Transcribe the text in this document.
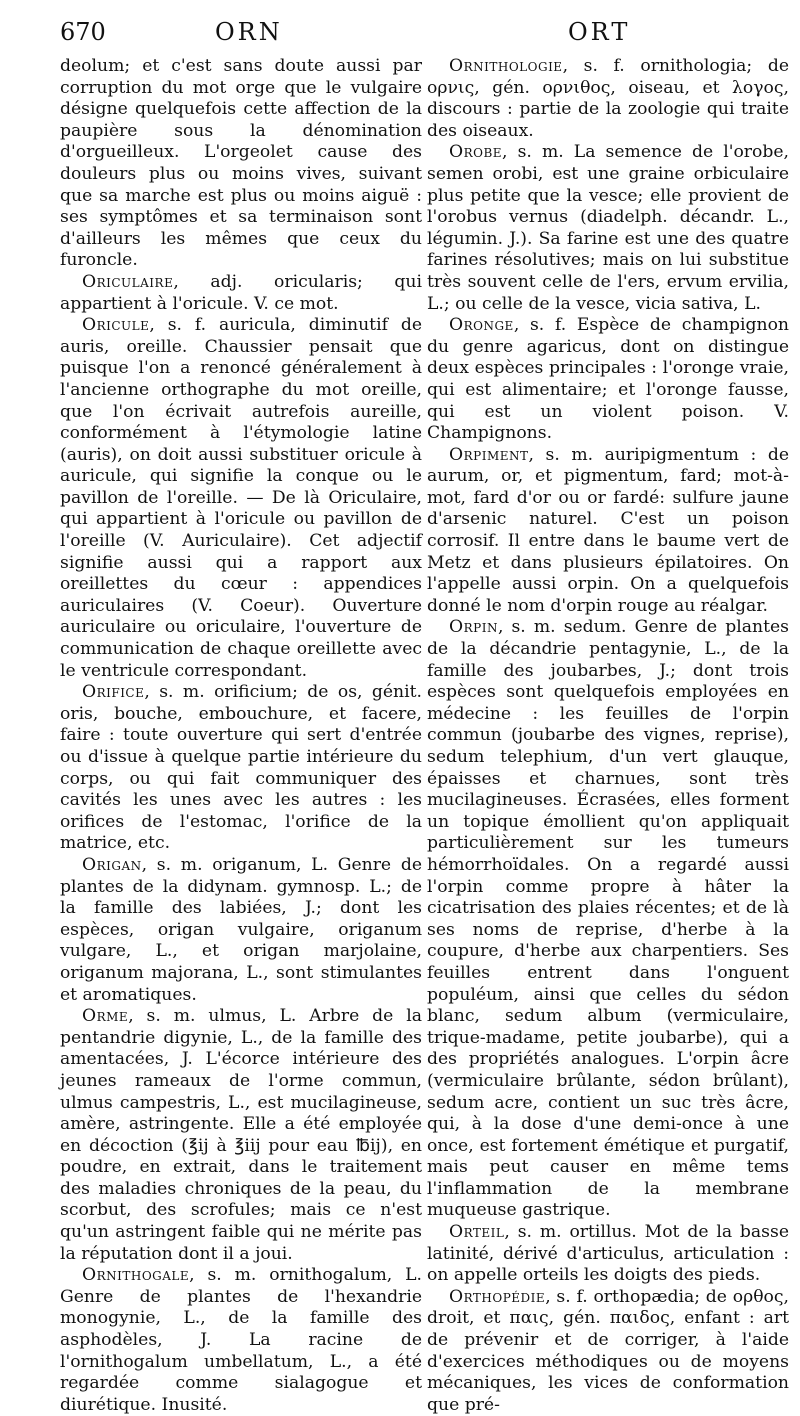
670	ORN	ORT

deolum; et c'est sans doute aussi par corruption du mot orge que le vulgaire désigne quelquefois cette affection de la paupière sous la dénomination d'orgueilleux. L'orgeolet cause des douleurs plus ou moins vives, suivant que sa marche est plus ou moins aiguë : ses symptômes et sa terminaison sont d'ailleurs les mêmes que ceux du furoncle.

Oriculaire, adj. oricularis; qui appartient à l'oricule. V. ce mot.

Oricule, s. f. auricula, diminutif de auris, oreille. Chaussier pensait que puisque l'on a renoncé généralement à l'ancienne orthographe du mot oreille, que l'on écrivait autrefois aureille, conformément à l'étymologie latine (auris), on doit aussi substituer oricule à auricule, qui signifie la conque ou le pavillon de l'oreille. — De là Oriculaire, qui appartient à l'oricule ou pavillon de l'oreille (V. Auriculaire). Cet adjectif signifie aussi qui a rapport aux oreillettes du cœur : appendices auriculaires (V. Coeur). Ouverture auriculaire ou oriculaire, l'ouverture de communication de chaque oreillette avec le ventricule correspondant.

Orifice, s. m. orificium; de os, génit. oris, bouche, embouchure, et facere, faire : toute ouverture qui sert d'entrée ou d'issue à quelque partie intérieure du corps, ou qui fait communiquer des cavités les unes avec les autres : les orifices de l'estomac, l'orifice de la matrice, etc.

Origan, s. m. origanum, L. Genre de plantes de la didynam. gymnosp. L.; de la famille des labiées, J.; dont les espèces, origan vulgaire, origanum vulgare, L., et origan marjolaine, origanum majorana, L., sont stimulantes et aromatiques.

Orme, s. m. ulmus, L. Arbre de la pentandrie digynie, L., de la famille des amentacées, J. L'écorce intérieure des jeunes rameaux de l'orme commun, ulmus campestris, L., est mucilagineuse, amère, astringente. Elle a été employée en décoction (℥ij à ℥iij pour eau ℔ij), en poudre, en extrait, dans le traitement des maladies chroniques de la peau, du scorbut, des scrofules; mais ce n'est qu'un astringent faible qui ne mérite pas la réputation dont il a joui.

Ornithogale, s. m. ornithogalum, L. Genre de plantes de l'hexandrie monogynie, L., de la famille des asphodèles, J. La racine de l'ornithogalum umbellatum, L., a été regardée comme sialagogue et diurétique. Inusité.

Ornithologie, s. f. ornithologia; de ορνις, gén. ορνιθος, oiseau, et λογος, discours : partie de la zoologie qui traite des oiseaux.

Orobe, s. m. La semence de l'orobe, semen orobi, est une graine orbiculaire plus petite que la vesce; elle provient de l'orobus vernus (diadelph. décandr. L., légumin. J.). Sa farine est une des quatre farines résolutives; mais on lui substitue très souvent celle de l'ers, ervum ervilia, L.; ou celle de la vesce, vicia sativa, L.

Oronge, s. f. Espèce de champignon du genre agaricus, dont on distingue deux espèces principales : l'oronge vraie, qui est alimentaire; et l'oronge fausse, qui est un violent poison. V. Champignons.

Orpiment, s. m. auripigmentum : de aurum, or, et pigmentum, fard; mot-à-mot, fard d'or ou or fardé: sulfure jaune d'arsenic naturel. C'est un poison corrosif. Il entre dans le baume vert de Metz et dans plusieurs épilatoires. On l'appelle aussi orpin. On a quelquefois donné le nom d'orpin rouge au réalgar.

Orpin, s. m. sedum. Genre de plantes de la décandrie pentagynie, L., de la famille des joubarbes, J.; dont trois espèces sont quelquefois employées en médecine : les feuilles de l'orpin commun (joubarbe des vignes, reprise), sedum telephium, d'un vert glauque, épaisses et charnues, sont très mucilagineuses. Écrasées, elles forment un topique émollient qu'on appliquait particulièrement sur les tumeurs hémorrhoïdales. On a regardé aussi l'orpin comme propre à hâter la cicatrisation des plaies récentes; et de là ses noms de reprise, d'herbe à la coupure, d'herbe aux charpentiers. Ses feuilles entrent dans l'onguent populéum, ainsi que celles du sédon blanc, sedum album (vermiculaire, trique-madame, petite joubarbe), qui a des propriétés analogues. L'orpin âcre (vermiculaire brûlante, sédon brûlant), sedum acre, contient un suc très âcre, qui, à la dose d'une demi-once à une once, est fortement émétique et purgatif, mais peut causer en même tems l'inflammation de la membrane muqueuse gastrique.

Orteil, s. m. ortillus. Mot de la basse latinité, dérivé d'articulus, articulation : on appelle orteils les doigts des pieds.

Orthopédie, s. f. orthopædia; de ορθος, droit, et παις, gén. παιδος, enfant : art de prévenir et de corriger, à l'aide d'exercices méthodiques ou de moyens mécaniques, les vices de conformation que pré-
